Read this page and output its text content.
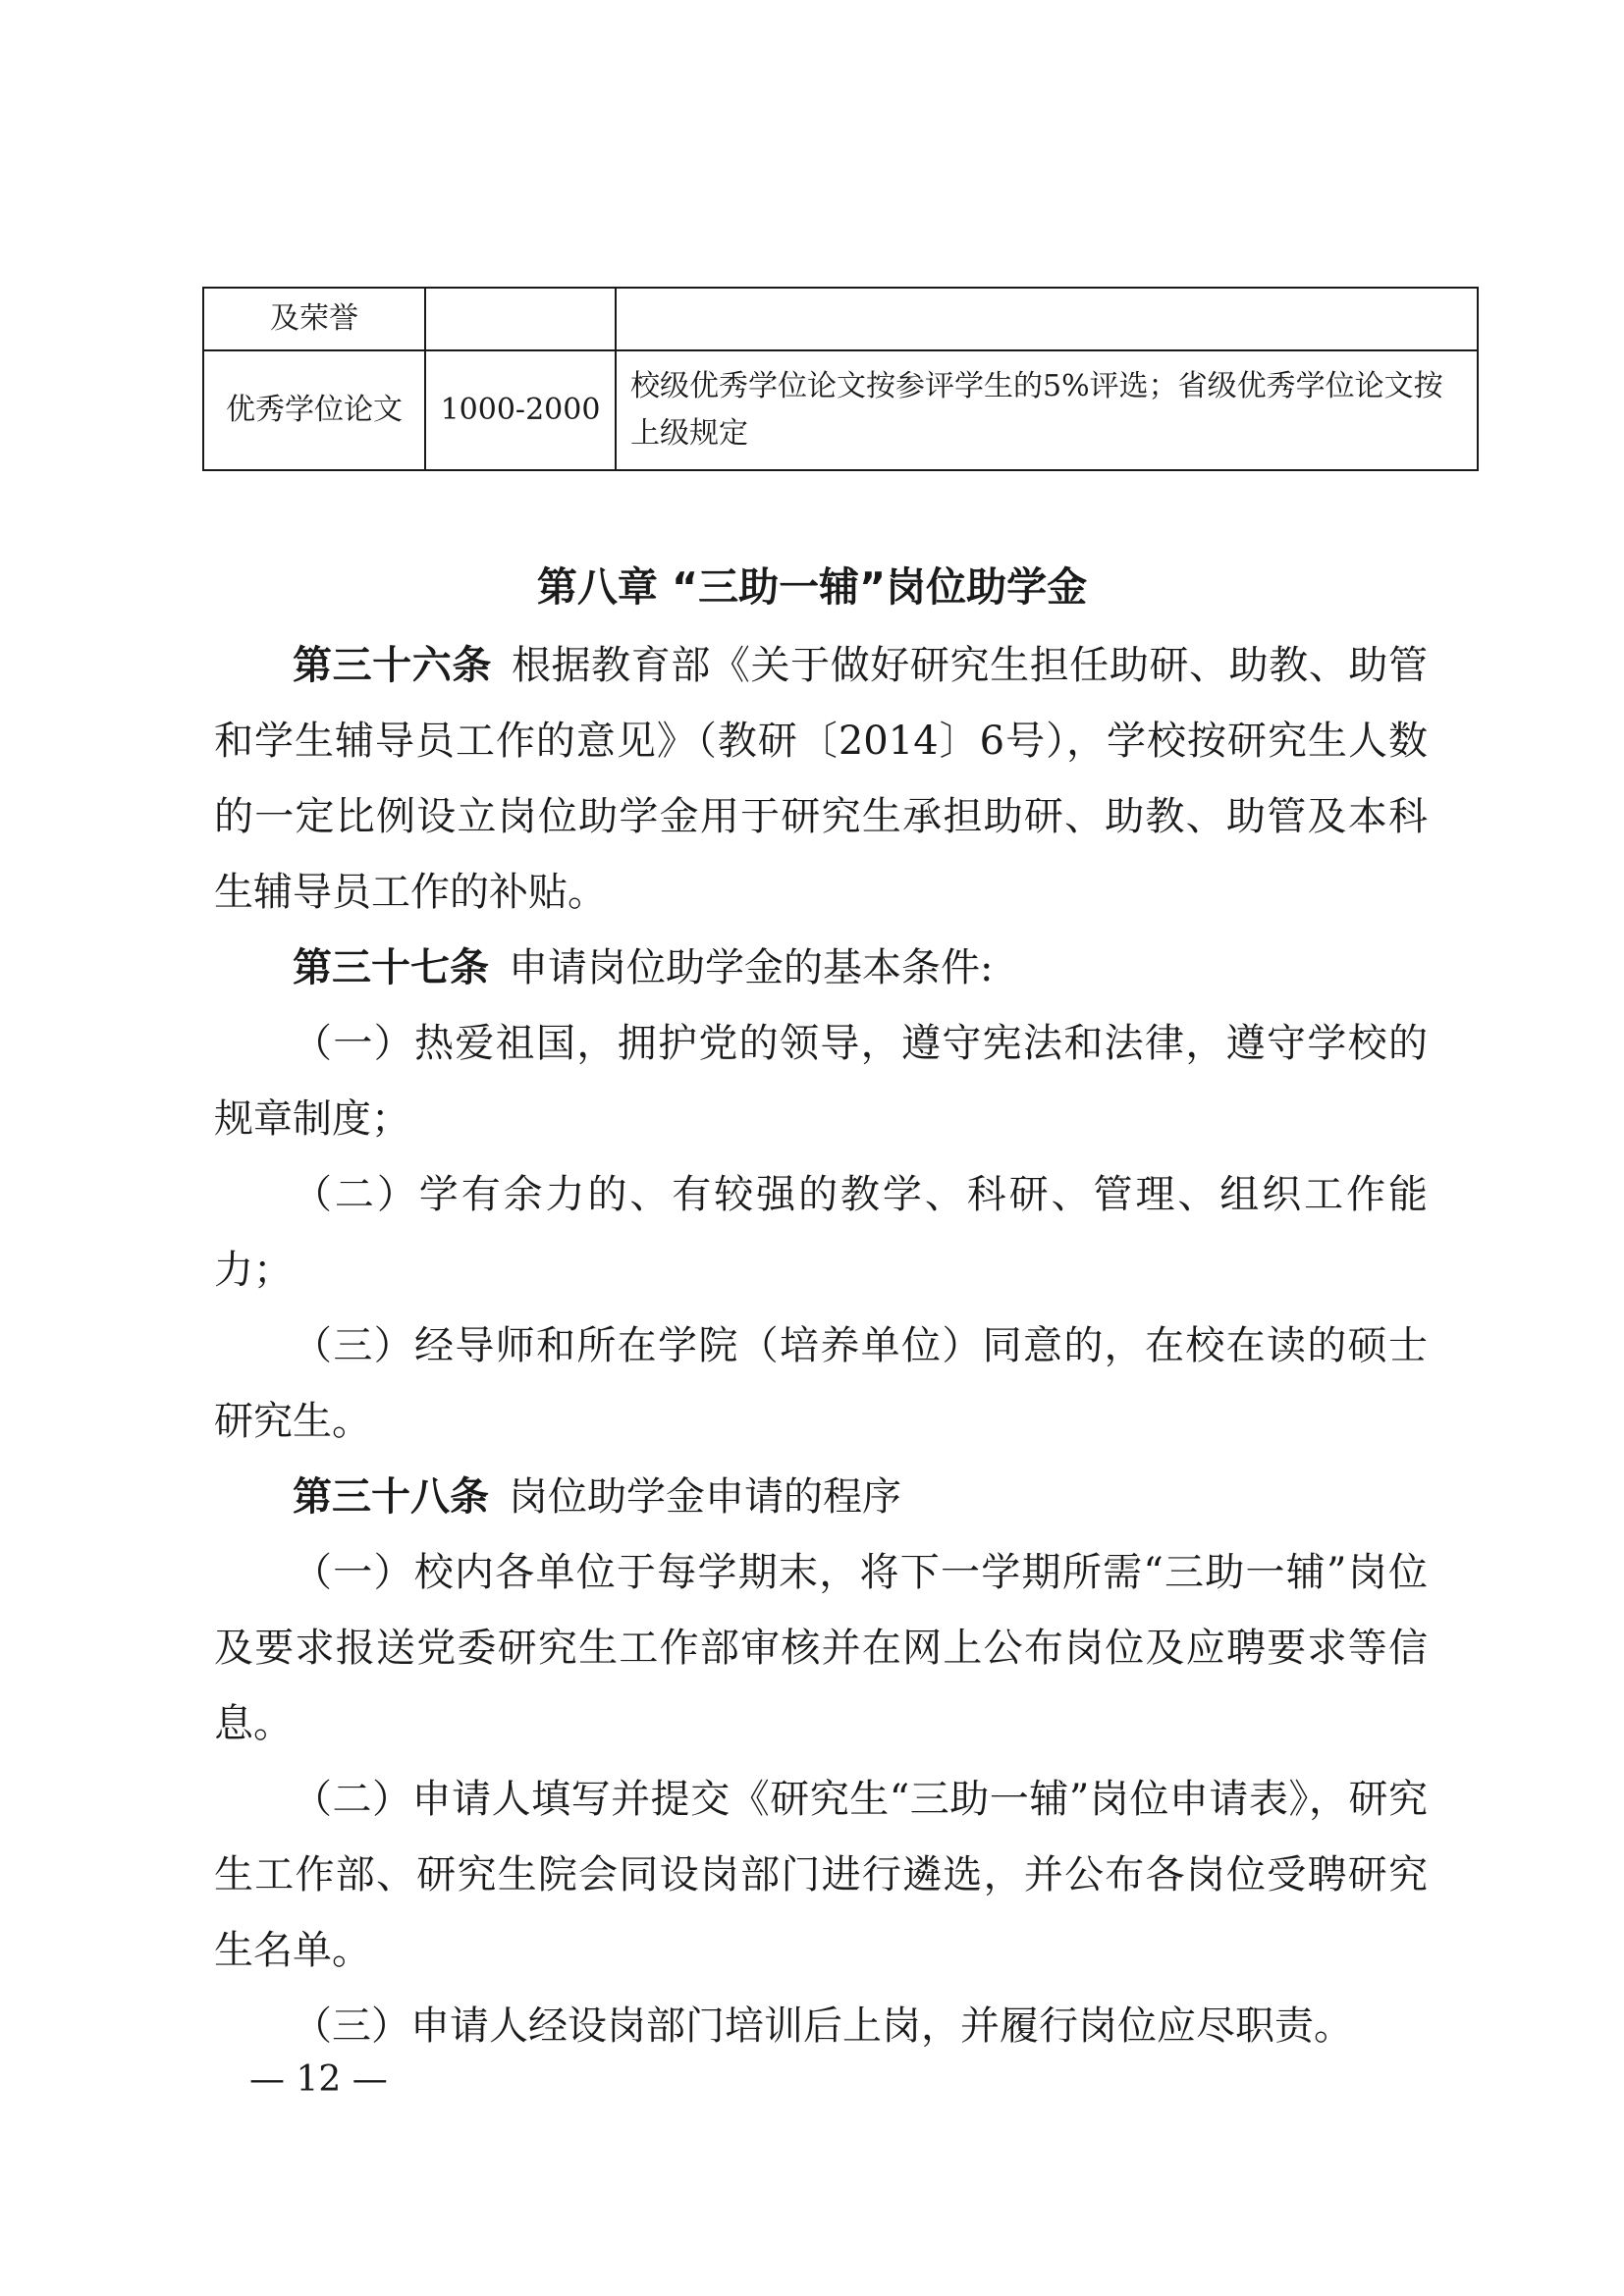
及荣誉		
优秀学位论文	1000-2000	校级优秀学位论文按参评学生的5%评选；省级优秀学位论文按上级规定
第八章 “三助一辅”岗位助学金

第三十六条 根据教育部《关于做好研究生担任助研、助教、助管和学生辅导员工作的意见》（教研〔2014〕6号），学校按研究生人数的一定比例设立岗位助学金用于研究生承担助研、助教、助管及本科生辅导员工作的补贴。

第三十七条 申请岗位助学金的基本条件:

（一）热爱祖国，拥护党的领导，遵守宪法和法律，遵守学校的规章制度；

（二）学有余力的、有较强的教学、科研、管理、组织工作能力；

（三）经导师和所在学院（培养单位）同意的，在校在读的硕士研究生。

第三十八条 岗位助学金申请的程序

（一）校内各单位于每学期末，将下一学期所需“三助一辅”岗位及要求报送党委研究生工作部审核并在网上公布岗位及应聘要求等信息。

（二）申请人填写并提交《研究生“三助一辅”岗位申请表》，研究生工作部、研究生院会同设岗部门进行遴选，并公布各岗位受聘研究生名单。

（三）申请人经设岗部门培训后上岗，并履行岗位应尽职责。

— 12 —
